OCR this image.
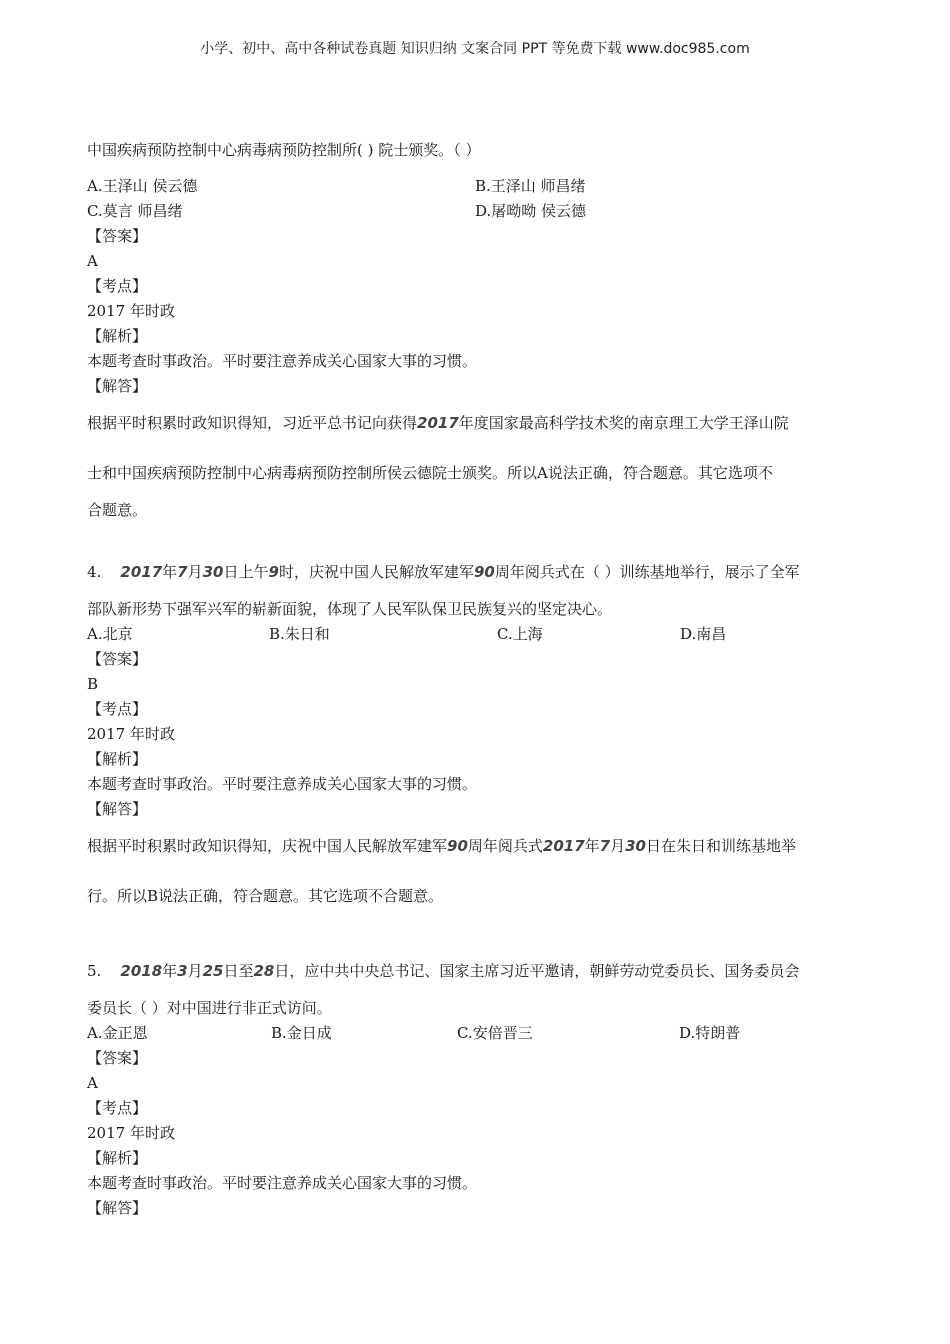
小学、初中、高中各种试卷真题 知识归纳 文案合同 PPT 等免费下载 www.doc985.com
中国疾病预防控制中心病毒病预防控制所( ) 院士颁奖。（ ）
A.王泽山 侯云德	B.王泽山 师昌绪
C.莫言 师昌绪	D.屠呦呦 侯云德
【答案】
A
【考点】
2017 年时政
【解析】
本题考查时事政治。平时要注意养成关心国家大事的习惯。
【解答】
根据平时积累时政知识得知，习近平总书记向获得2017年度国家最高科学技术奖的南京理工大学王泽山院
士和中国疾病预防控制中心病毒病预防控制所侯云德院士颁奖。所以A说法正确，符合题意。其它选项不
合题意。
4. 2017年7月30日上午9时，庆祝中国人民解放军建军90周年阅兵式在（ ）训练基地举行，展示了全军
部队新形势下强军兴军的崭新面貌，体现了人民军队保卫民族复兴的坚定决心。
A.北京	B.朱日和	C.上海	D.南昌
【答案】
B
【考点】
2017 年时政
【解析】
本题考查时事政治。平时要注意养成关心国家大事的习惯。
【解答】
根据平时积累时政知识得知，庆祝中国人民解放军建军90周年阅兵式2017年7月30日在朱日和训练基地举
行。所以B说法正确，符合题意。其它选项不合题意。
5. 2018年3月25日至28日，应中共中央总书记、国家主席习近平邀请，朝鲜劳动党委员长、国务委员会
委员长（ ）对中国进行非正式访问。
A.金正恩	B.金日成	C.安倍晋三	D.特朗普
【答案】
A
【考点】
2017 年时政
【解析】
本题考查时事政治。平时要注意养成关心国家大事的习惯。
【解答】
